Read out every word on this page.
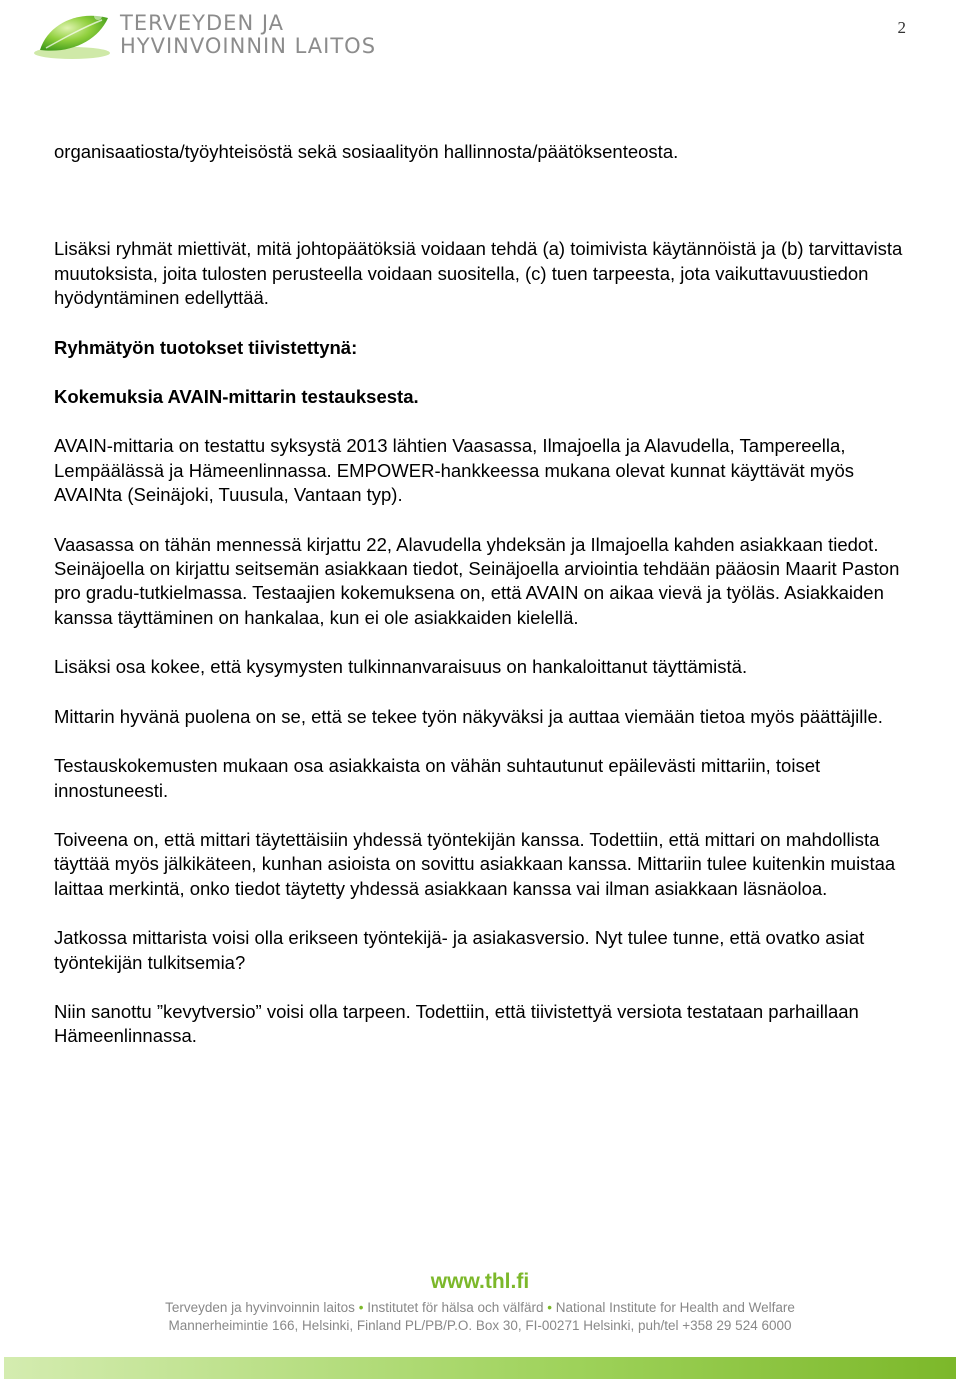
TERVEYDEN JA
HYVINVOINNIN LAITOS
2

organisaatiosta/työyhteisöstä sekä sosiaalityön hallinnosta/päätöksenteosta.

Lisäksi ryhmät miettivät, mitä johtopäätöksiä voidaan tehdä (a) toimivista käytännöistä ja (b) tarvittavista muutoksista, joita tulosten perusteella voidaan suositella, (c) tuen tarpeesta, jota vaikuttavuustiedon hyödyntäminen edellyttää.

Ryhmätyön tuotokset tiivistettynä:

Kokemuksia AVAIN-mittarin testauksesta.

AVAIN-mittaria on testattu syksystä 2013 lähtien Vaasassa, Ilmajoella ja Alavudella, Tampereella, Lempäälässä ja Hämeenlinnassa. EMPOWER-hankkeessa mukana olevat kunnat käyttävät myös AVAINta (Seinäjoki, Tuusula, Vantaan typ).

Vaasassa on tähän mennessä kirjattu 22, Alavudella yhdeksän ja Ilmajoella kahden asiakkaan tiedot. Seinäjoella on kirjattu seitsemän asiakkaan tiedot, Seinäjoella arviointia tehdään pääosin Maarit Paston pro gradu-tutkielmassa. Testaajien kokemuksena on, että AVAIN on aikaa vievä ja työläs. Asiakkaiden kanssa täyttäminen on hankalaa, kun ei ole asiakkaiden kielellä.

Lisäksi osa kokee, että kysymysten tulkinnanvaraisuus on hankaloittanut täyttämistä.

Mittarin hyvänä puolena on se, että se tekee työn näkyväksi ja auttaa viemään tietoa myös päättäjille.

Testauskokemusten mukaan osa asiakkaista on vähän suhtautunut epäilevästi mittariin, toiset innostuneesti.

Toiveena on, että mittari täytettäisiin yhdessä työntekijän kanssa. Todettiin, että mittari on mahdollista täyttää myös jälkikäteen, kunhan asioista on sovittu asiakkaan kanssa. Mittariin tulee kuitenkin muistaa laittaa merkintä, onko tiedot täytetty yhdessä asiakkaan kanssa vai ilman asiakkaan läsnäoloa.

Jatkossa mittarista voisi olla erikseen työntekijä- ja asiakasversio. Nyt tulee tunne, että ovatko asiat työntekijän tulkitsemia?

Niin sanottu ”kevytversio” voisi olla tarpeen. Todettiin, että tiivistettyä versiota testataan parhaillaan Hämeenlinnassa.

www.thl.fi
Terveyden ja hyvinvoinnin laitos • Institutet för hälsa och välfärd • National Institute for Health and Welfare
Mannerheimintie 166, Helsinki, Finland PL/PB/P.O. Box 30, FI-00271 Helsinki, puh/tel +358 29 524 6000
